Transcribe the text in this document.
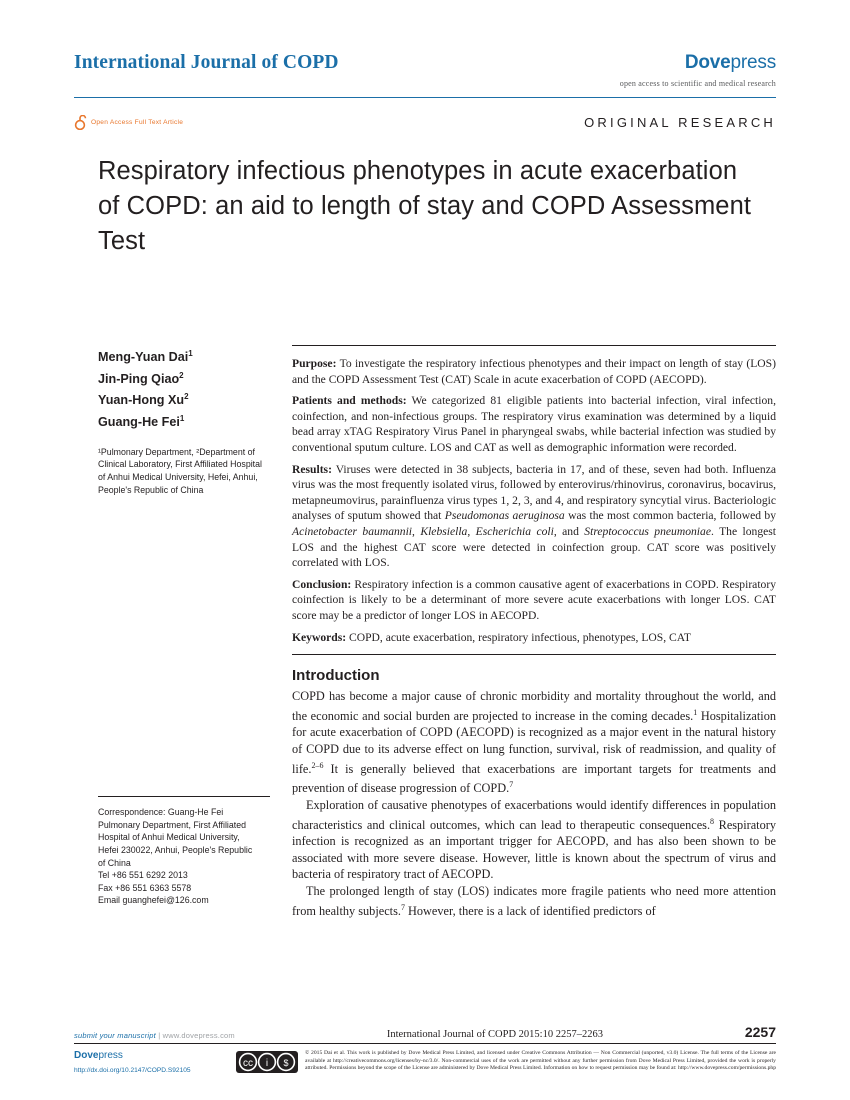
International Journal of COPD	Dovepress
open access to scientific and medical research
Open Access Full Text Article	ORIGINAL RESEARCH
Respiratory infectious phenotypes in acute exacerbation of COPD: an aid to length of stay and COPD Assessment Test
Meng-Yuan Dai$^1$
Jin-Ping Qiao$^2$
Yuan-Hong Xu$^2$
Guang-He Fei$^1$
¹Pulmonary Department, ²Department of Clinical Laboratory, First Affiliated Hospital of Anhui Medical University, Hefei, Anhui, People's Republic of China
Correspondence: Guang-He Fei
Pulmonary Department, First Affiliated
Hospital of Anhui Medical University,
Hefei 230022, Anhui, People's Republic
of China
Tel +86 551 6292 2013
Fax +86 551 6363 5578
Email guanghefei@126.com

Purpose: To investigate the respiratory infectious phenotypes and their impact on length of stay (LOS) and the COPD Assessment Test (CAT) Scale in acute exacerbation of COPD (AECOPD).

Patients and methods: We categorized 81 eligible patients into bacterial infection, viral infection, coinfection, and non-infectious groups. The respiratory virus examination was determined by a liquid bead array xTAG Respiratory Virus Panel in pharyngeal swabs, while bacterial infection was studied by conventional sputum culture. LOS and CAT as well as demographic information were recorded.

Results: Viruses were detected in 38 subjects, bacteria in 17, and of these, seven had both. Influenza virus was the most frequently isolated virus, followed by enterovirus/rhinovirus, coronavirus, bocavirus, metapneumovirus, parainfluenza virus types 1, 2, 3, and 4, and respiratory syncytial virus. Bacteriologic analyses of sputum showed that Pseudomonas aeruginosa was the most common bacteria, followed by Acinetobacter baumannii, Klebsiella, Escherichia coli, and Streptococcus pneumoniae. The longest LOS and the highest CAT score were detected in coinfection group. CAT score was positively correlated with LOS.

Conclusion: Respiratory infection is a common causative agent of exacerbations in COPD. Respiratory coinfection is likely to be a determinant of more severe acute exacerbations with longer LOS. CAT score may be a predictor of longer LOS in AECOPD.

Keywords: COPD, acute exacerbation, respiratory infectious, phenotypes, LOS, CAT

Introduction

COPD has become a major cause of chronic morbidity and mortality throughout the world, and the economic and social burden are projected to increase in the coming decades.$^1$ Hospitalization for acute exacerbation of COPD (AECOPD) is recognized as a major event in the natural history of COPD due to its adverse effect on lung function, survival, risk of readmission, and quality of life.$^{2-6}$ It is generally believed that exacerbations are important targets for treatments and prevention of disease progression of COPD.$^7$

Exploration of causative phenotypes of exacerbations would identify differences in population characteristics and clinical outcomes, which can lead to therapeutic consequences.$^8$ Respiratory infection is recognized as an important trigger for AECOPD, and has also been shown to be associated with more severe disease. However, little is known about the spectrum of virus and bacteria of respiratory tract of AECOPD.

The prolonged length of stay (LOS) indicates more fragile patients who need more attention from healthy subjects.$^7$ However, there is a lack of identified predictors of

submit your manuscript | www.dovepress.com	International Journal of COPD 2015:10 2257–2263	2257
Dovepress
http://dx.doi.org/10.2147/COPD.S92105
cc i $
© 2015 Dai et al. This work is published by Dove Medical Press Limited, and licensed under Creative Commons Attribution — Non Commercial (unported, v3.0) License. The full terms of the License are available at http://creativecommons.org/licenses/by-nc/3.0/. Non-commercial uses of the work are permitted without any further permission from Dove Medical Press Limited, provided the work is properly attributed. Permissions beyond the scope of the License are administered by Dove Medical Press Limited. Information on how to request permission may be found at: http://www.dovepress.com/permissions.php
